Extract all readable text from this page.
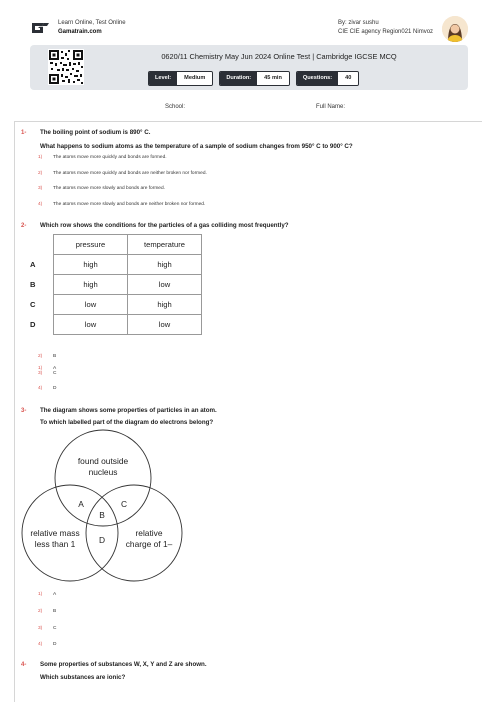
Learn Online, Test Online
Gamatrain.com
By: zivar sushu
CIE CIE agency Region021 Nimvoz
0620/11 Chemistry May Jun 2024 Online Test | Cambridge IGCSE MCQ
Level:	Medium	Duration:	45 min	Questions:	40
School:	Full Name:
1- The boiling point of sodium is 890° C.
What happens to sodium atoms as the temperature of a sample of sodium changes from 950° C to 900° C?
1) The atoms move more quickly and bonds are formed.
2) The atoms move more quickly and bonds are neither broken nor formed.
3) The atoms move more slowly and bonds are formed.
4) The atoms move more slowly and bonds are neither broken nor formed.
2- Which row shows the conditions for the particles of a gas colliding most frequently?
	pressure	temperature
A	high	high
B	high	low
C	low	high
D	low	low
1) A
2) B
3) C
4) D
3- The diagram shows some properties of particles in an atom.
To which labelled part of the diagram do electrons belong?
found outside
nucleus
relative mass
less than 1
relative
charge of 1–
A
B
C
D
1) A
2) B
3) C
4) D
4- Some properties of substances W, X, Y and Z are shown.
Which substances are ionic?
